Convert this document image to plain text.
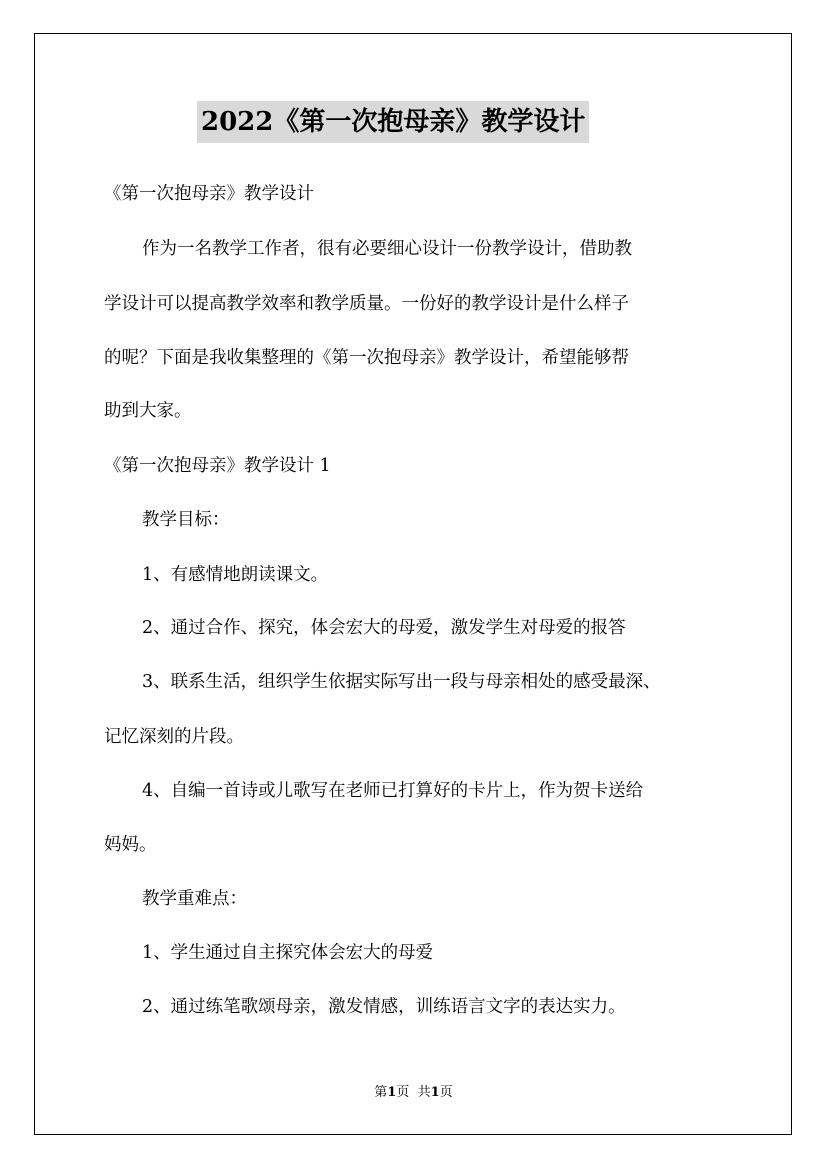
2022《第一次抱母亲》教学设计
《第一次抱母亲》教学设计
作为一名教学工作者，很有必要细心设计一份教学设计，借助教
学设计可以提高教学效率和教学质量。一份好的教学设计是什么样子
的呢？下面是我收集整理的《第一次抱母亲》教学设计，希望能够帮
助到大家。
《第一次抱母亲》教学设计 1
教学目标：
1、有感情地朗读课文。
2、通过合作、探究，体会宏大的母爱，激发学生对母爱的报答
3、联系生活，组织学生依据实际写出一段与母亲相处的感受最深、
记忆深刻的片段。
4、自编一首诗或儿歌写在老师已打算好的卡片上，作为贺卡送给
妈妈。
教学重难点：
1、学生通过自主探究体会宏大的母爱
2、通过练笔歌颂母亲，激发情感，训练语言文字的表达实力。
第1页 共1页
